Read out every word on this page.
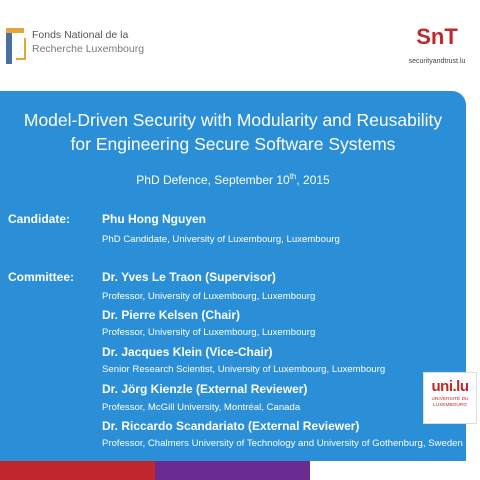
Fonds National de la
Recherche Luxembourg	SnT
securityandtrust.lu
Model-Driven Security with Modularity and Reusability
for Engineering Secure Software Systems
PhD Defence, September 10th, 2015
Candidate:	Phu Hong Nguyen
PhD Candidate, University of Luxembourg, Luxembourg
Committee: Dr. Yves Le Traon (Supervisor)
Professor, University of Luxembourg, Luxembourg
Dr. Pierre Kelsen (Chair)
Professor, University of Luxembourg, Luxembourg
Dr. Jacques Klein (Vice-Chair)
Senior Research Scientist, University of Luxembourg, Luxembourg
Dr. Jörg Kienzle (External Reviewer)
Professor, McGill University, Montréal, Canada
Dr. Riccardo Scandariato (External Reviewer)
Professor, Chalmers University of Technology and University of Gothenburg, Sweden
uni.lu
UNIVERSITÉ DU
LUXEMBOURG
